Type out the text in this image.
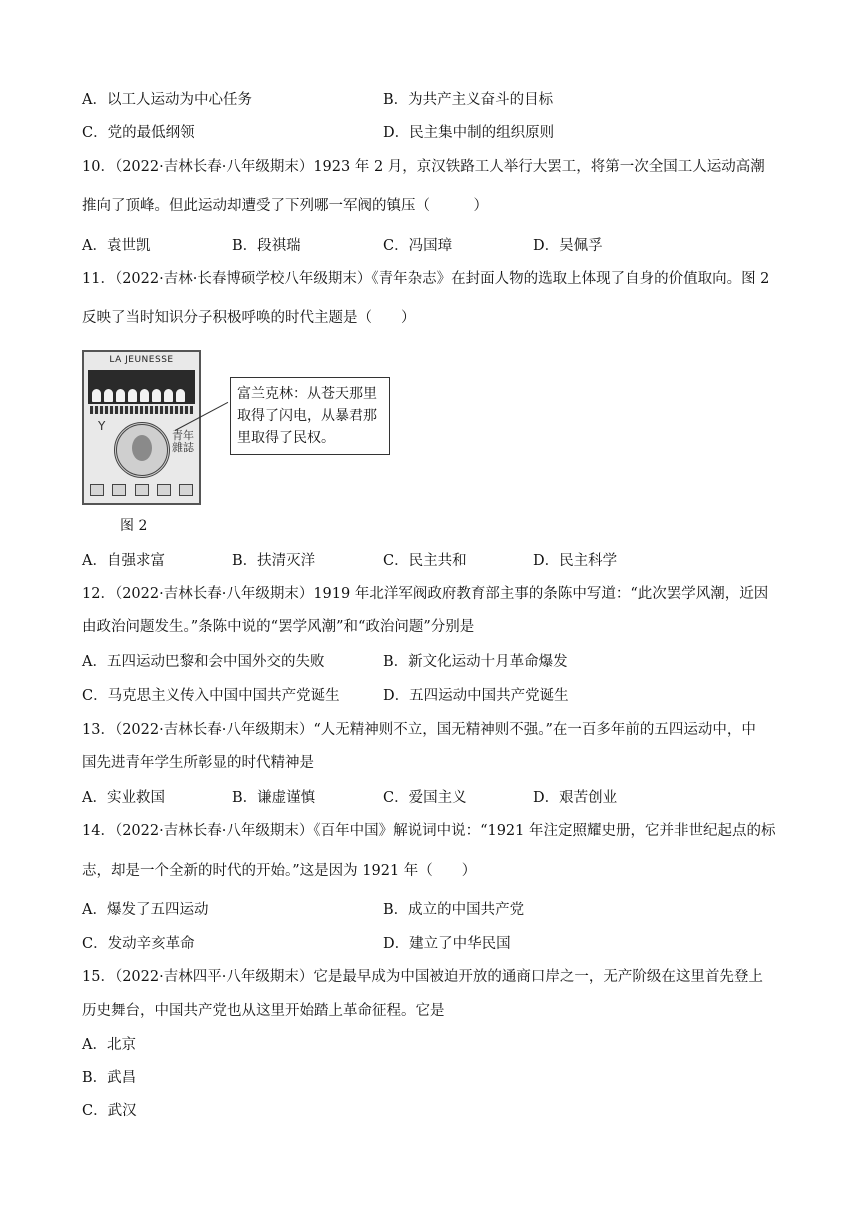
A．以工人运动为中心任务	B．为共产主义奋斗的目标
C．党的最低纲领	D．民主集中制的组织原则
10．（2022·吉林长春·八年级期末）1923 年 2 月，京汉铁路工人举行大罢工，将第一次全国工人运动高潮
推向了顶峰。但此运动却遭受了下列哪一军阀的镇压（　　　）
A．袁世凯	B．段祺瑞	C．冯国璋	D．吴佩孚
11．（2022·吉林·长春博硕学校八年级期末）《青年杂志》在封面人物的选取上体现了自身的价值取向。图 2
反映了当时知识分子积极呼唤的时代主题是（　　）
LA JEUNESSE
Y
青年雜誌
富兰克林：从苍天那里取得了闪电，从暴君那里取得了民权。
图 2
A．自强求富	B．扶清灭洋	C．民主共和	D．民主科学
12．（2022·吉林长春·八年级期末）1919 年北洋军阀政府教育部主事的条陈中写道：“此次罢学风潮，近因
由政治问题发生。”条陈中说的“罢学风潮”和“政治问题”分别是
A．五四运动巴黎和会中国外交的失败	B．新文化运动十月革命爆发
C．马克思主义传入中国中国共产党诞生	D．五四运动中国共产党诞生
13．（2022·吉林长春·八年级期末）“人无精神则不立，国无精神则不强。”在一百多年前的五四运动中，中
国先进青年学生所彰显的时代精神是
A．实业救国	B．谦虚谨慎	C．爱国主义	D．艰苦创业
14．（2022·吉林长春·八年级期末）《百年中国》解说词中说：“1921 年注定照耀史册，它并非世纪起点的标
志，却是一个全新的时代的开始。”这是因为 1921 年（　　）
A．爆发了五四运动	B．成立的中国共产党
C．发动辛亥革命	D．建立了中华民国
15．（2022·吉林四平·八年级期末）它是最早成为中国被迫开放的通商口岸之一，无产阶级在这里首先登上
历史舞台，中国共产党也从这里开始踏上革命征程。它是
A．北京
B．武昌
C．武汉
